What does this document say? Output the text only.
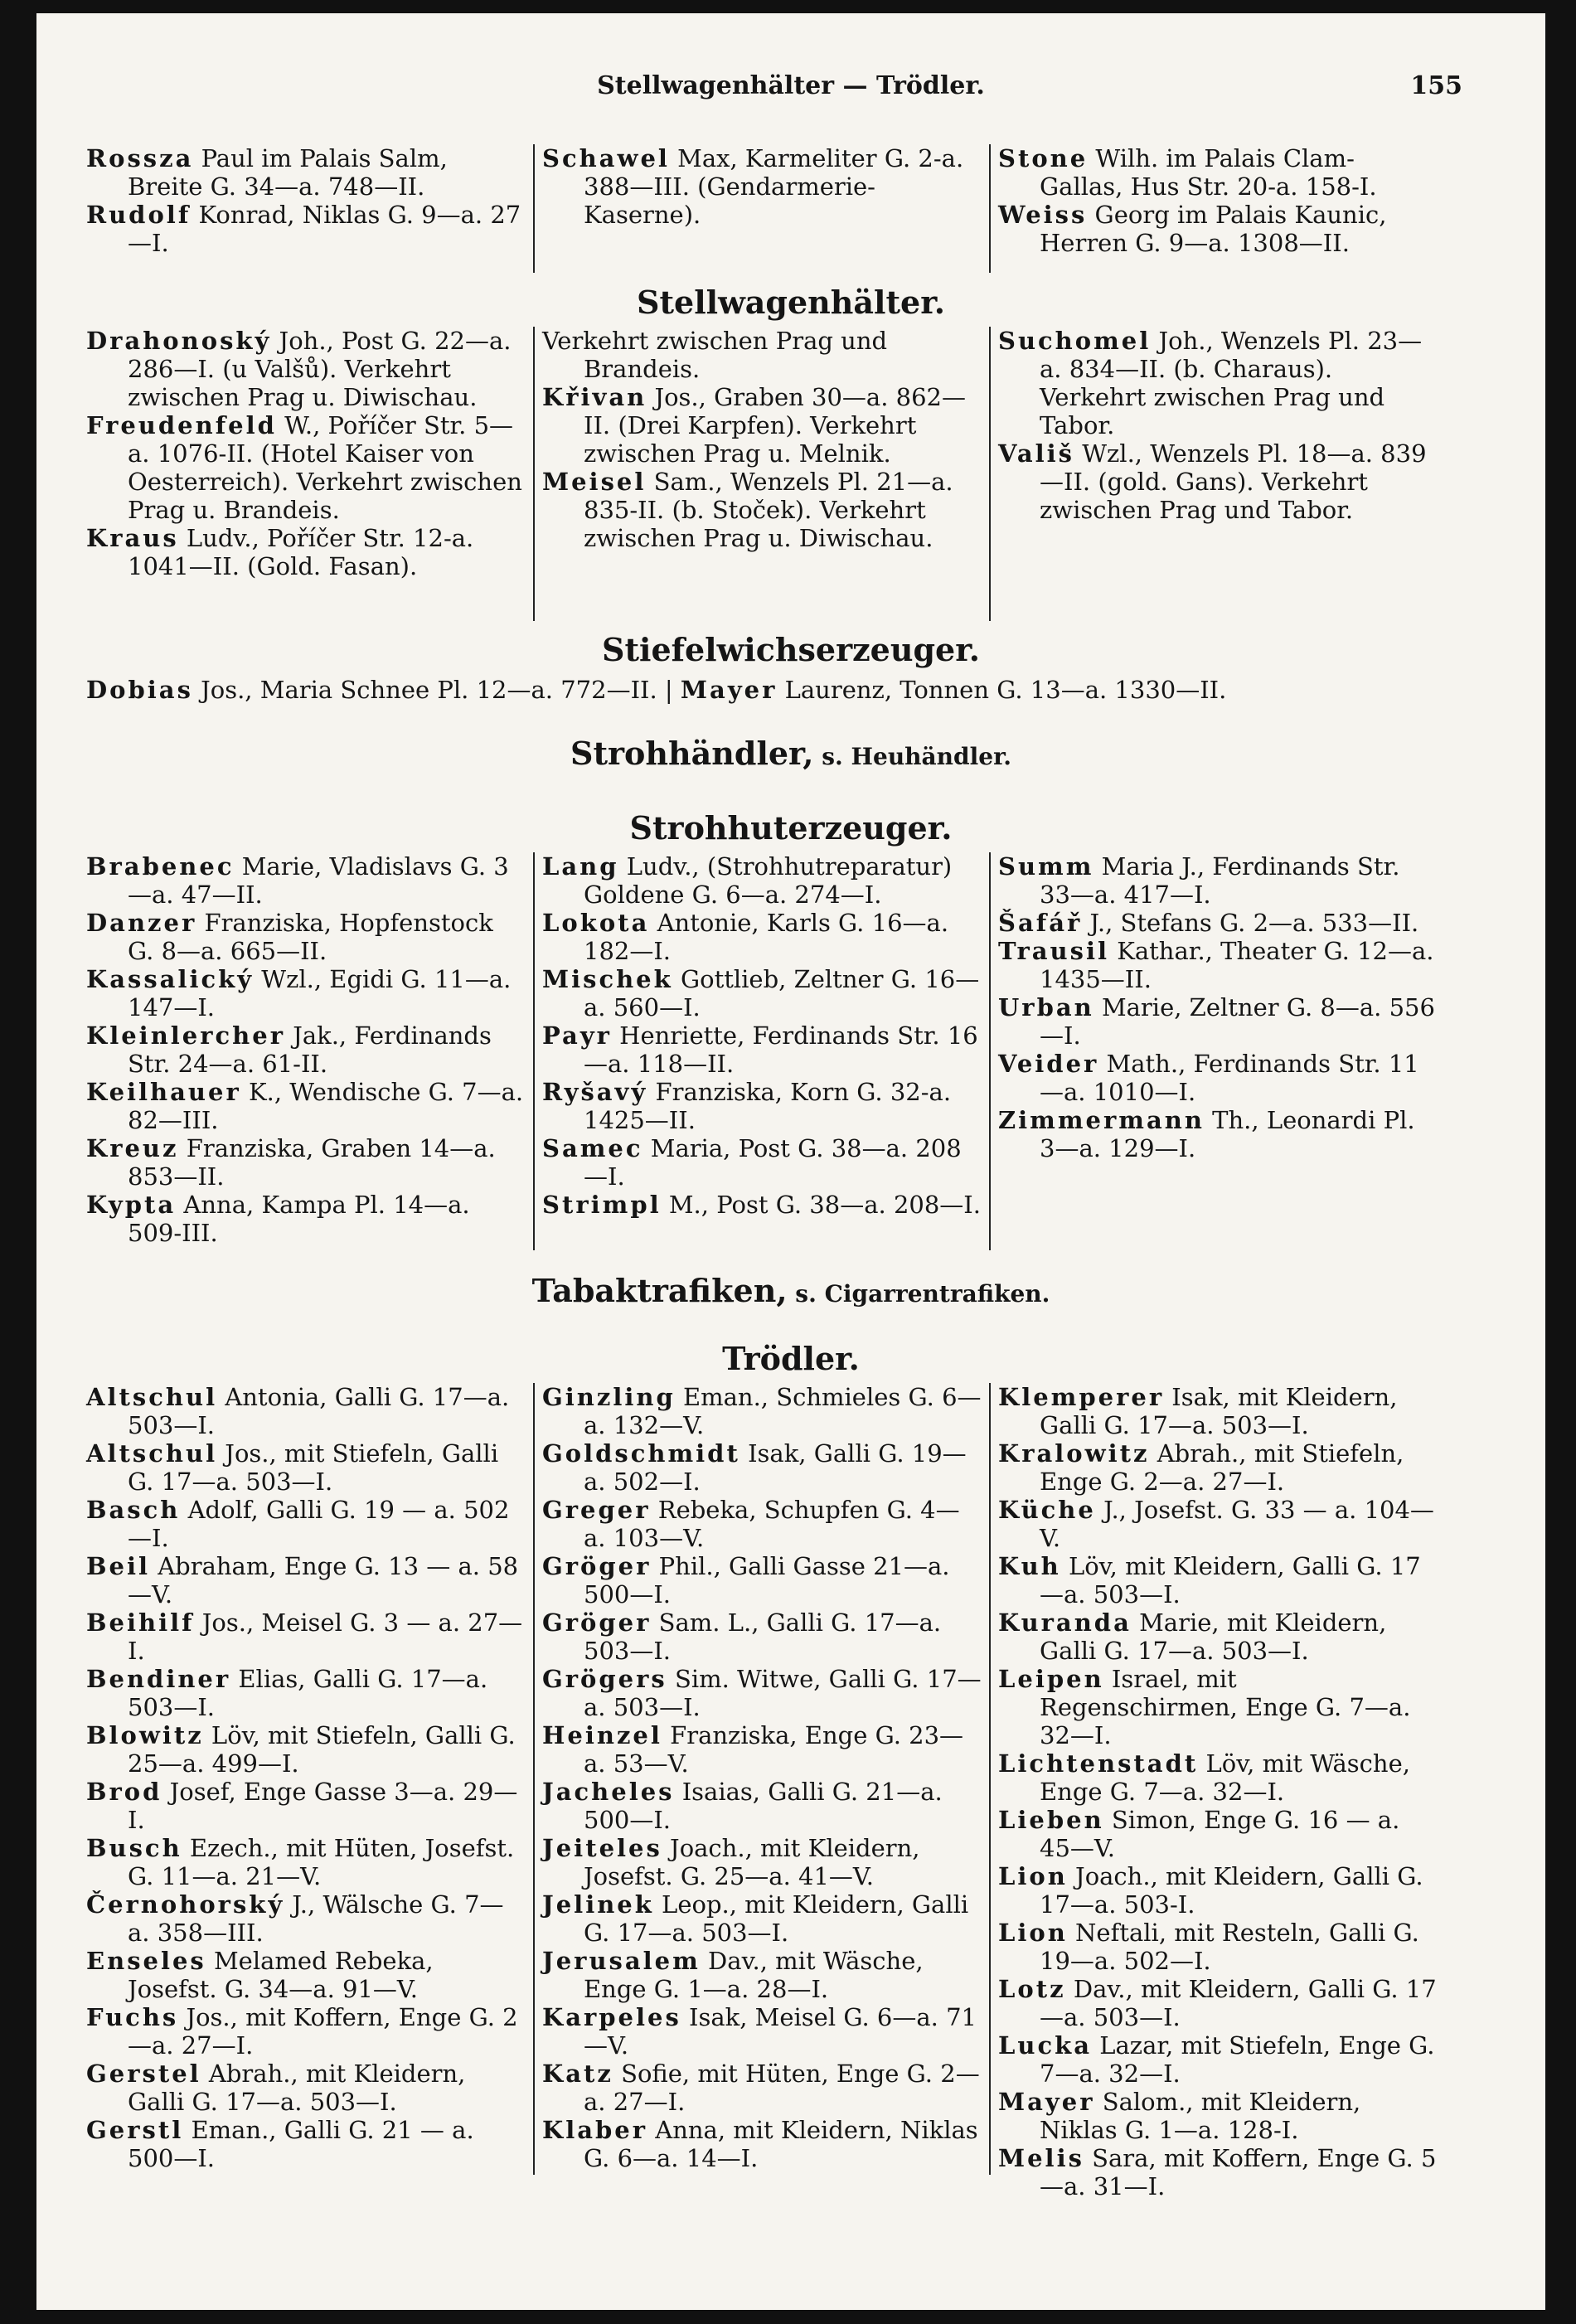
Stellwagenhälter — Trödler.	155
Rossza Paul im Palais Salm, Breite G. 34—a. 748—II.
Rudolf Konrad, Niklas G. 9—a. 27—I.
Schawel Max, Karmeliter G. 2-a. 388—III. (Gendarmerie-Kaserne).
Stone Wilh. im Palais Clam-Gallas, Hus Str. 20-a. 158-I.
Weiss Georg im Palais Kaunic, Herren G. 9—a. 1308—II.
Stellwagenhälter.
Drahonoský Joh., Post G. 22—a. 286—I. (u Valšů). Verkehrt zwischen Prag u. Diwischau.
Freudenfeld W., Poříčer Str. 5—a. 1076-II. (Hotel Kaiser von Oesterreich). Verkehrt zwischen Prag u. Brandeis.
Kraus Ludv., Poříčer Str. 12-a. 1041—II. (Gold. Fasan).
Verkehrt zwischen Prag und Brandeis.
Křivan Jos., Graben 30—a. 862—II. (Drei Karpfen). Verkehrt zwischen Prag u. Melnik.
Meisel Sam., Wenzels Pl. 21—a. 835-II. (b. Stoček). Verkehrt zwischen Prag u. Diwischau.
Suchomel Joh., Wenzels Pl. 23—a. 834—II. (b. Charaus). Verkehrt zwischen Prag und Tabor.
Vališ Wzl., Wenzels Pl. 18—a. 839—II. (gold. Gans). Verkehrt zwischen Prag und Tabor.
Stiefelwichserzeuger.
Dobias Jos., Maria Schnee Pl. 12—a. 772—II. | Mayer Laurenz, Tonnen G. 13—a. 1330—II.
Strohhändler, s. Heuhändler.
Strohhuterzeuger.
Brabenec Marie, Vladislavs G. 3—a. 47—II.
Danzer Franziska, Hopfenstock G. 8—a. 665—II.
Kassalický Wzl., Egidi G. 11—a. 147—I.
Kleinlercher Jak., Ferdinands Str. 24—a. 61-II.
Keilhauer K., Wendische G. 7—a. 82—III.
Kreuz Franziska, Graben 14—a. 853—II.
Kypta Anna, Kampa Pl. 14—a. 509-III.
Lang Ludv., (Strohhutreparatur) Goldene G. 6—a. 274—I.
Lokota Antonie, Karls G. 16—a. 182—I.
Mischek Gottlieb, Zeltner G. 16—a. 560—I.
Payr Henriette, Ferdinands Str. 16—a. 118—II.
Ryšavý Franziska, Korn G. 32-a. 1425—II.
Samec Maria, Post G. 38—a. 208—I.
Strimpl M., Post G. 38—a. 208—I.
Summ Maria J., Ferdinands Str. 33—a. 417—I.
Šafář J., Stefans G. 2—a. 533—II.
Trausil Kathar., Theater G. 12—a. 1435—II.
Urban Marie, Zeltner G. 8—a. 556—I.
Veider Math., Ferdinands Str. 11—a. 1010—I.
Zimmermann Th., Leonardi Pl. 3—a. 129—I.
Tabaktrafiken, s. Cigarrentrafiken.
Trödler.
Altschul Antonia, Galli G. 17—a. 503—I.
Altschul Jos., mit Stiefeln, Galli G. 17—a. 503—I.
Basch Adolf, Galli G. 19 — a. 502—I.
Beil Abraham, Enge G. 13 — a. 58—V.
Beihilf Jos., Meisel G. 3 — a. 27—I.
Bendiner Elias, Galli G. 17—a. 503—I.
Blowitz Löv, mit Stiefeln, Galli G. 25—a. 499—I.
Brod Josef, Enge Gasse 3—a. 29—I.
Busch Ezech., mit Hüten, Josefst. G. 11—a. 21—V.
Černohorský J., Wälsche G. 7—a. 358—III.
Enseles Melamed Rebeka, Josefst. G. 34—a. 91—V.
Fuchs Jos., mit Koffern, Enge G. 2—a. 27—I.
Gerstel Abrah., mit Kleidern, Galli G. 17—a. 503—I.
Gerstl Eman., Galli G. 21 — a. 500—I.
Ginzling Eman., Schmieles G. 6—a. 132—V.
Goldschmidt Isak, Galli G. 19—a. 502—I.
Greger Rebeka, Schupfen G. 4—a. 103—V.
Gröger Phil., Galli Gasse 21—a. 500—I.
Gröger Sam. L., Galli G. 17—a. 503—I.
Grögers Sim. Witwe, Galli G. 17—a. 503—I.
Heinzel Franziska, Enge G. 23—a. 53—V.
Jacheles Isaias, Galli G. 21—a. 500—I.
Jeiteles Joach., mit Kleidern, Josefst. G. 25—a. 41—V.
Jelinek Leop., mit Kleidern, Galli G. 17—a. 503—I.
Jerusalem Dav., mit Wäsche, Enge G. 1—a. 28—I.
Karpeles Isak, Meisel G. 6—a. 71—V.
Katz Sofie, mit Hüten, Enge G. 2—a. 27—I.
Klaber Anna, mit Kleidern, Niklas G. 6—a. 14—I.
Klemperer Isak, mit Kleidern, Galli G. 17—a. 503—I.
Kralowitz Abrah., mit Stiefeln, Enge G. 2—a. 27—I.
Küche J., Josefst. G. 33 — a. 104—V.
Kuh Löv, mit Kleidern, Galli G. 17—a. 503—I.
Kuranda Marie, mit Kleidern, Galli G. 17—a. 503—I.
Leipen Israel, mit Regenschirmen, Enge G. 7—a. 32—I.
Lichtenstadt Löv, mit Wäsche, Enge G. 7—a. 32—I.
Lieben Simon, Enge G. 16 — a. 45—V.
Lion Joach., mit Kleidern, Galli G. 17—a. 503-I.
Lion Neftali, mit Resteln, Galli G. 19—a. 502—I.
Lotz Dav., mit Kleidern, Galli G. 17—a. 503—I.
Lucka Lazar, mit Stiefeln, Enge G. 7—a. 32—I.
Mayer Salom., mit Kleidern, Niklas G. 1—a. 128-I.
Melis Sara, mit Koffern, Enge G. 5—a. 31—I.
